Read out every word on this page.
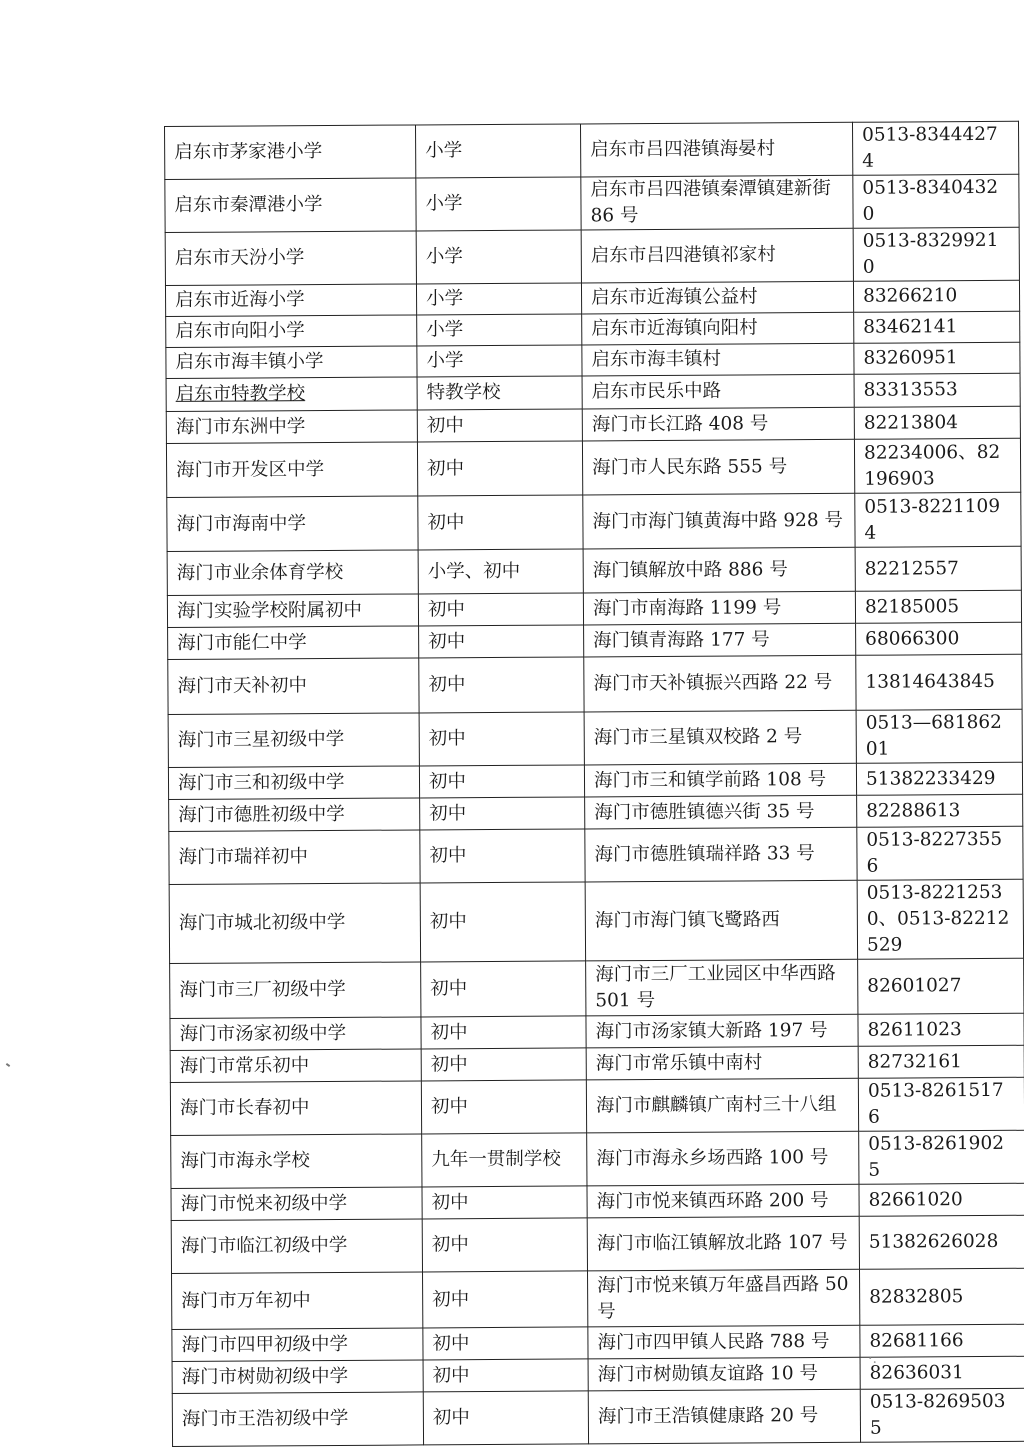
启东市茅家港小学	小学	启东市吕四港镇海晏村	0513-83444274
启东市秦潭港小学	小学	启东市吕四港镇秦潭镇建新街 86 号	0513-83404320
启东市天汾小学	小学	启东市吕四港镇祁家村	0513-83299210
启东市近海小学	小学	启东市近海镇公益村	83266210
启东市向阳小学	小学	启东市近海镇向阳村	83462141
启东市海丰镇小学	小学	启东市海丰镇村	83260951
启东市特教学校	特教学校	启东市民乐中路	83313553
海门市东洲中学	初中	海门市长江路 408 号	82213804
海门市开发区中学	初中	海门市人民东路 555 号	82234006、82196903
海门市海南中学	初中	海门市海门镇黄海中路 928 号	0513-82211094
海门市业余体育学校	小学、初中	海门镇解放中路 886 号	82212557
海门实验学校附属初中	初中	海门市南海路 1199 号	82185005
海门市能仁中学	初中	海门镇青海路 177 号	68066300
海门市天补初中	初中	海门市天补镇振兴西路 22 号	13814643845
海门市三星初级中学	初中	海门市三星镇双校路 2 号	0513—68186201
海门市三和初级中学	初中	海门市三和镇学前路 108 号	51382233429
海门市德胜初级中学	初中	海门市德胜镇德兴街 35 号	82288613
海门市瑞祥初中	初中	海门市德胜镇瑞祥路 33 号	0513-82273556
海门市城北初级中学	初中	海门市海门镇飞鹭路西	0513-82212530、0513-82212529
海门市三厂初级中学	初中	海门市三厂工业园区中华西路 501 号	82601027
海门市汤家初级中学	初中	海门市汤家镇大新路 197 号	82611023
海门市常乐初中	初中	海门市常乐镇中南村	82732161
海门市长春初中	初中	海门市麒麟镇广南村三十八组	0513-82615176
海门市海永学校	九年一贯制学校	海门市海永乡场西路 100 号	0513-82619025
海门市悦来初级中学	初中	海门市悦来镇西环路 200 号	82661020
海门市临江初级中学	初中	海门市临江镇解放北路 107 号	51382626028
海门市万年初中	初中	海门市悦来镇万年盛昌西路 50 号	82832805
海门市四甲初级中学	初中	海门市四甲镇人民路 788 号	82681166
海门市树勋初级中学	初中	海门市树勋镇友谊路 10 号	82636031
海门市王浩初级中学	初中	海门市王浩镇健康路 20 号	0513-82695035
·.
